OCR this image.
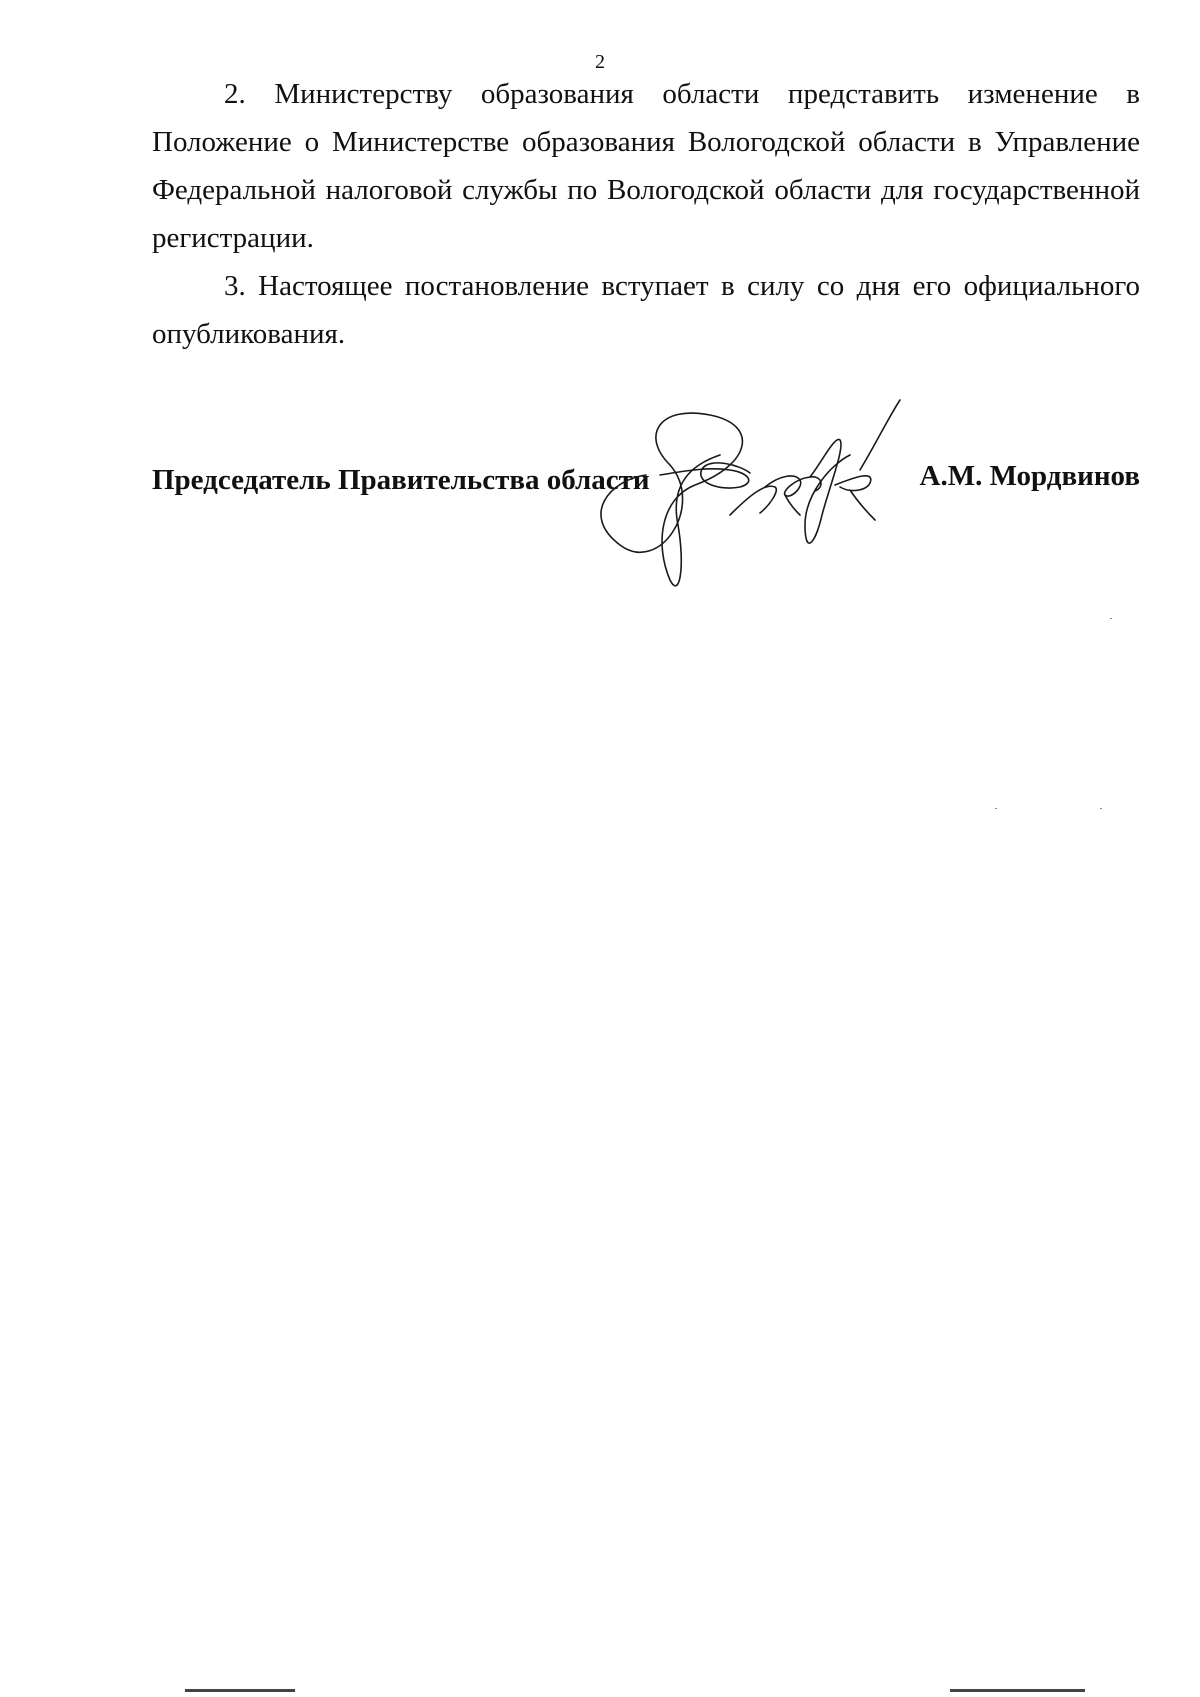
2

2. Министерству образования области представить изменение в Положение о Министерстве образования Вологодской области в Управление Федеральной налоговой службы по Вологодской области для государственной регистрации.

3. Настоящее постановление вступает в силу со дня его официального опубликования.

Председатель Правительства области	А.М. Мордвинов
